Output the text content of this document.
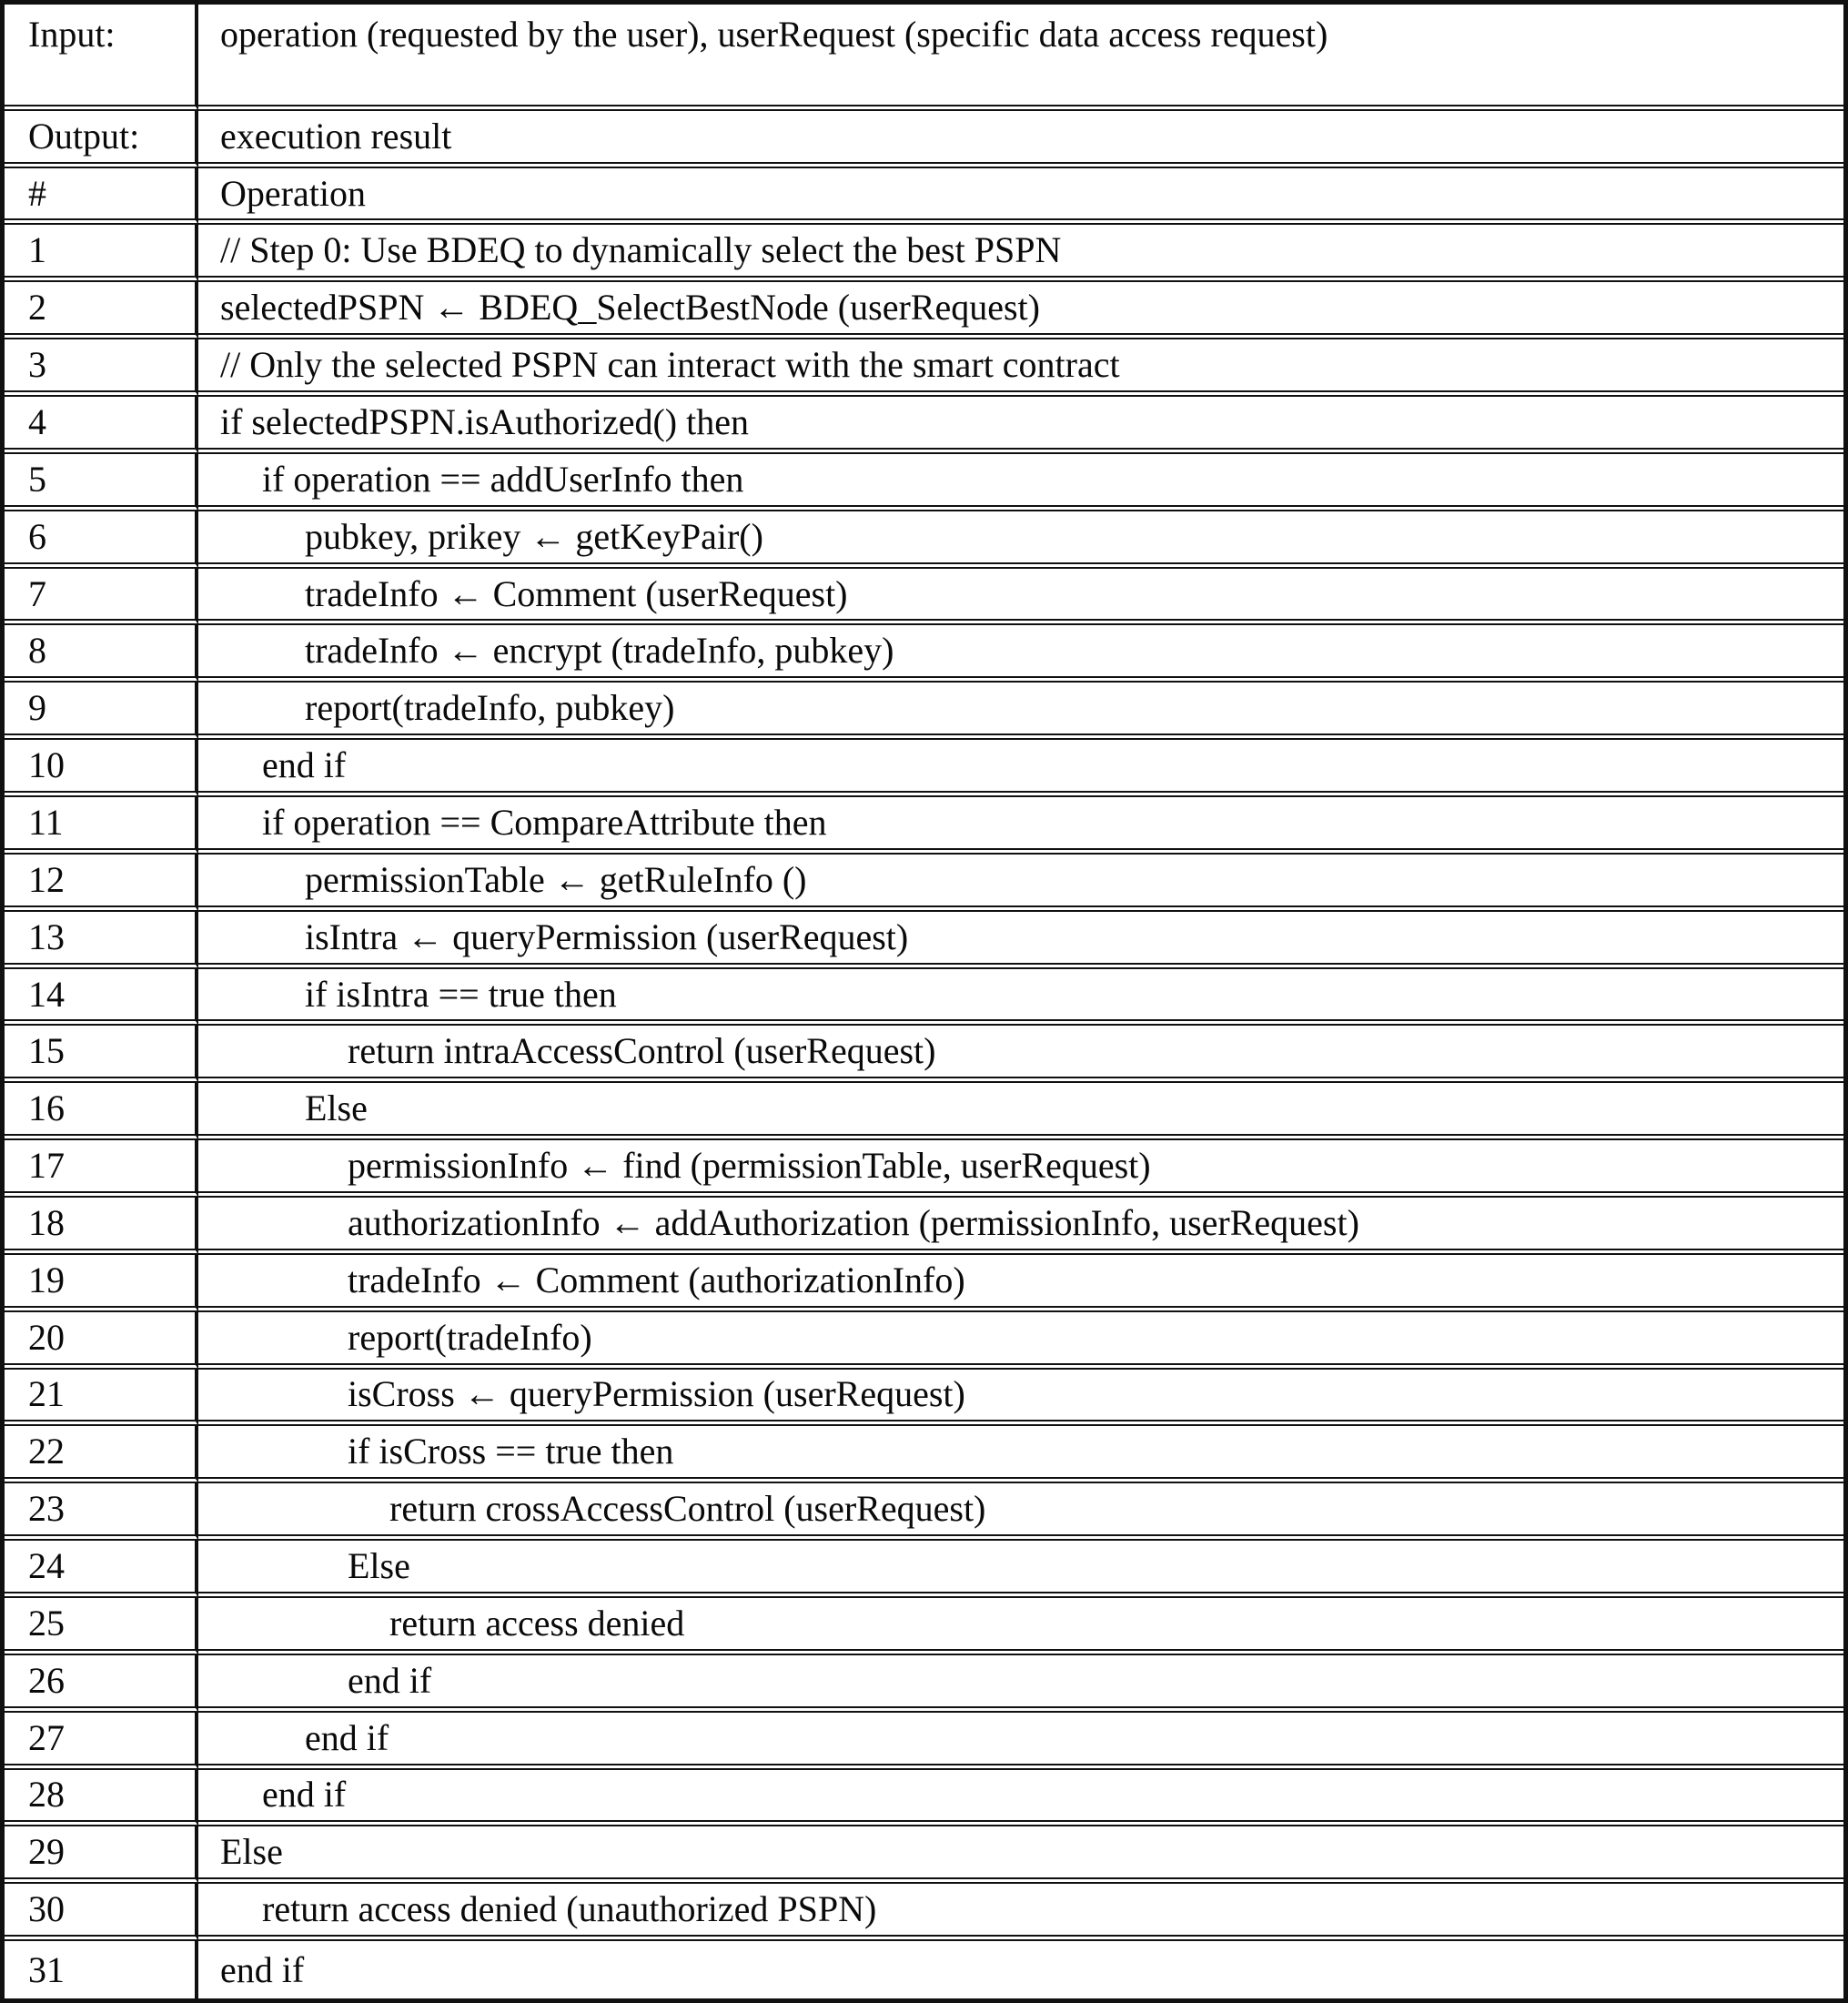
Input:	operation (requested by the user), userRequest (specific data access request)
Output:	execution result
#	Operation
1	// Step 0: Use BDEQ to dynamically select the best PSPN
2	selectedPSPN ← BDEQ_SelectBestNode (userRequest)
3	// Only the selected PSPN can interact with the smart contract
4	if selectedPSPN.isAuthorized() then
5	if operation == addUserInfo then
6	pubkey, prikey ← getKeyPair()
7	tradeInfo ← Comment (userRequest)
8	tradeInfo ← encrypt (tradeInfo, pubkey)
9	report(tradeInfo, pubkey)
10	end if
11	if operation == CompareAttribute then
12	permissionTable ← getRuleInfo ()
13	isIntra ← queryPermission (userRequest)
14	if isIntra == true then
15	return intraAccessControl (userRequest)
16	Else
17	permissionInfo ← find (permissionTable, userRequest)
18	authorizationInfo ← addAuthorization (permissionInfo, userRequest)
19	tradeInfo ← Comment (authorizationInfo)
20	report(tradeInfo)
21	isCross ← queryPermission (userRequest)
22	if isCross == true then
23	return crossAccessControl (userRequest)
24	Else
25	return access denied
26	end if
27	end if
28	end if
29	Else
30	return access denied (unauthorized PSPN)
31	end if
